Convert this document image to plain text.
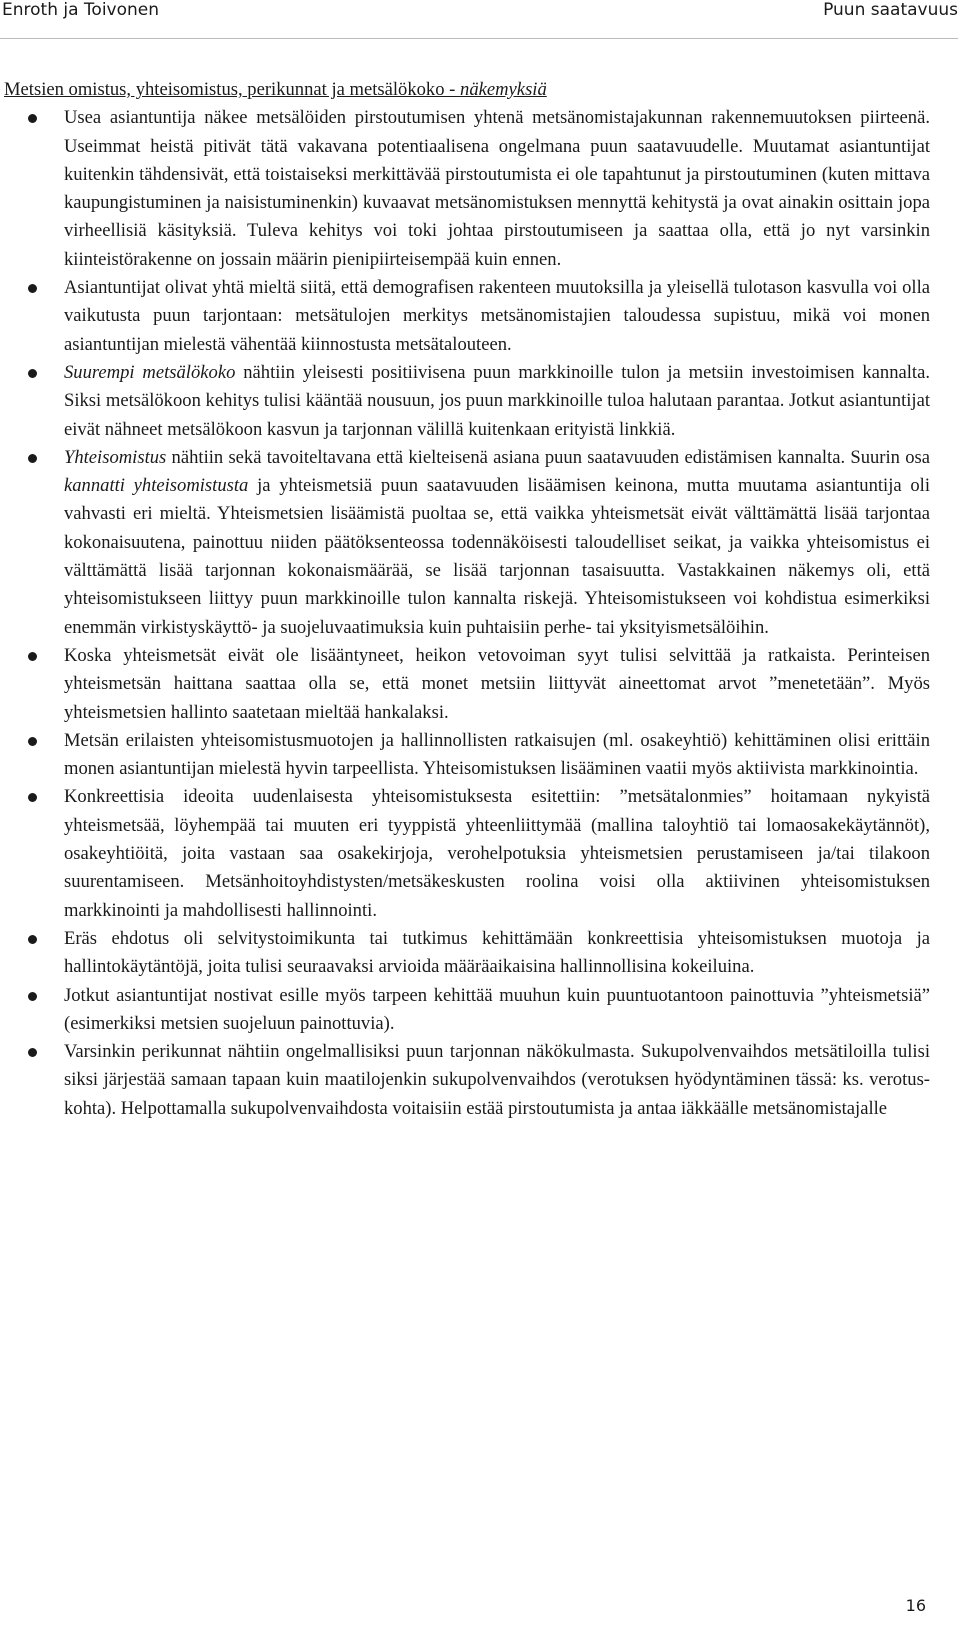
Enroth ja Toivonen	Puun saatavuus

Metsien omistus, yhteisomistus, perikunnat ja metsälökoko - näkemyksiä

Usea asiantuntija näkee metsälöiden pirstoutumisen yhtenä metsänomistajakunnan rakennemuutoksen piirteenä. Useimmat heistä pitivät tätä vakavana potentiaalisena ongelmana puun saatavuudelle. Muutamat asiantuntijat kuitenkin tähdensivät, että toistaiseksi merkittävää pirstoutumista ei ole tapahtunut ja pirstoutuminen (kuten mittava kaupungistuminen ja naisistuminenkin) kuvaavat metsänomistuksen mennyttä kehitystä ja ovat ainakin osittain jopa virheellisiä käsityksiä. Tuleva kehitys voi toki johtaa pirstoutumiseen ja saattaa olla, että jo nyt varsinkin kiinteistörakenne on jossain määrin pienipiirteisempää kuin ennen.
Asiantuntijat olivat yhtä mieltä siitä, että demografisen rakenteen muutoksilla ja yleisellä tulotason kasvulla voi olla vaikutusta puun tarjontaan: metsätulojen merkitys metsänomistajien taloudessa supistuu, mikä voi monen asiantuntijan mielestä vähentää kiinnostusta metsätalouteen.
Suurempi metsälökoko nähtiin yleisesti positiivisena puun markkinoille tulon ja metsiin investoimisen kannalta. Siksi metsälökoon kehitys tulisi kääntää nousuun, jos puun markkinoille tuloa halutaan parantaa. Jotkut asiantuntijat eivät nähneet metsälökoon kasvun ja tarjonnan välillä kuitenkaan erityistä linkkiä.
Yhteisomistus nähtiin sekä tavoiteltavana että kielteisenä asiana puun saatavuuden edistämisen kannalta. Suurin osa kannatti yhteisomistusta ja yhteismetsiä puun saatavuuden lisäämisen keinona, mutta muutama asiantuntija oli vahvasti eri mieltä. Yhteismetsien lisäämistä puoltaa se, että vaikka yhteismetsät eivät välttämättä lisää tarjontaa kokonaisuutena, painottuu niiden päätöksenteossa todennäköisesti taloudelliset seikat, ja vaikka yhteisomistus ei välttämättä lisää tarjonnan kokonaismäärää, se lisää tarjonnan tasaisuutta. Vastakkainen näkemys oli, että yhteisomistukseen liittyy puun markkinoille tulon kannalta riskejä. Yhteisomistukseen voi kohdistua esimerkiksi enemmän virkistyskäyttö- ja suojeluvaatimuksia kuin puhtaisiin perhe- tai yksityismetsälöihin.
Koska yhteismetsät eivät ole lisääntyneet, heikon vetovoiman syyt tulisi selvittää ja ratkaista. Perinteisen yhteismetsän haittana saattaa olla se, että monet metsiin liittyvät aineettomat arvot ”menetetään”. Myös yhteismetsien hallinto saatetaan mieltää hankalaksi.
Metsän erilaisten yhteisomistusmuotojen ja hallinnollisten ratkaisujen (ml. osakeyhtiö) kehittäminen olisi erittäin monen asiantuntijan mielestä hyvin tarpeellista. Yhteisomistuksen lisääminen vaatii myös aktiivista markkinointia.
Konkreettisia ideoita uudenlaisesta yhteisomistuksesta esitettiin: ”metsätalonmies” hoitamaan nykyistä yhteismetsää, löyhempää tai muuten eri tyyppistä yhteenliittymää (mallina taloyhtiö tai lomaosakekäytännöt), osakeyhtiöitä, joita vastaan saa osakekirjoja, verohelpotuksia yhteismetsien perustamiseen ja/tai tilakoon suurentamiseen. Metsänhoitoyhdistysten/metsäkeskusten roolina voisi olla aktiivinen yhteisomistuksen markkinointi ja mahdollisesti hallinnointi.
Eräs ehdotus oli selvitystoimikunta tai tutkimus kehittämään konkreettisia yhteisomistuksen muotoja ja hallintokäytäntöjä, joita tulisi seuraavaksi arvioida määräaikaisina hallinnollisina kokeiluina.
Jotkut asiantuntijat nostivat esille myös tarpeen kehittää muuhun kuin puuntuotantoon painottuvia ”yhteismetsiä” (esimerkiksi metsien suojeluun painottuvia).
Varsinkin perikunnat nähtiin ongelmallisiksi puun tarjonnan näkökulmasta. Sukupolvenvaihdos metsätiloilla tulisi siksi järjestää samaan tapaan kuin maatilojenkin sukupolvenvaihdos (verotuksen hyödyntäminen tässä: ks. verotus-kohta). Helpottamalla sukupolvenvaihdosta voitaisiin estää pirstoutumista ja antaa iäkkäälle metsänomistajalle
16
